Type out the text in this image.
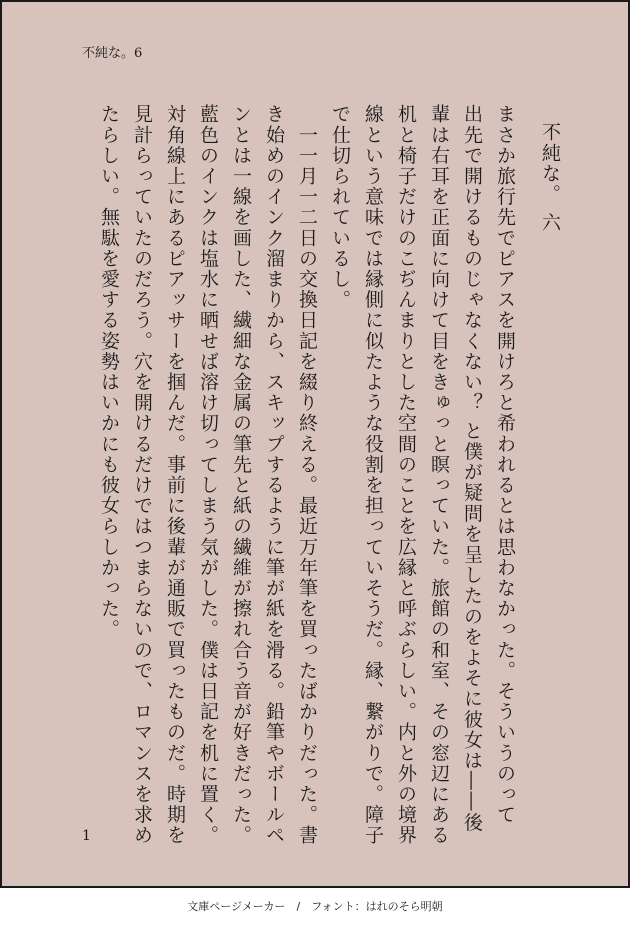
不純な。6
不純な。 六
まさか旅行先でピアスを開けろと希われるとは思わなかった。そういうのって
出先で開けるものじゃなくない？ と僕が疑問を呈したのをよそに彼女は――後
輩は右耳を正面に向けて目をきゅっと瞑っていた。旅館の和室、その窓辺にある
机と椅子だけのこぢんまりとした空間のことを広縁と呼ぶらしい。内と外の境界
線という意味では縁側に似たような役割を担っていそうだ。縁、繋がりで。障子
で仕切られているし。
　一一月一二日の交換日記を綴り終える。最近万年筆を買ったばかりだった。書
き始めのインク溜まりから、スキップするように筆が紙を滑る。鉛筆やボールペ
ンとは一線を画した、繊細な金属の筆先と紙の繊維が擦れ合う音が好きだった。
藍色のインクは塩水に晒せば溶け切ってしまう気がした。僕は日記を机に置く。
対角線上にあるピアッサーを掴んだ。事前に後輩が通販で買ったものだ。時期を
見計らっていたのだろう。穴を開けるだけではつまらないので、ロマンスを求め
たらしい。無駄を愛する姿勢はいかにも彼女らしかった。
1
文庫ページメーカー　/　フォント：はれのそら明朝
